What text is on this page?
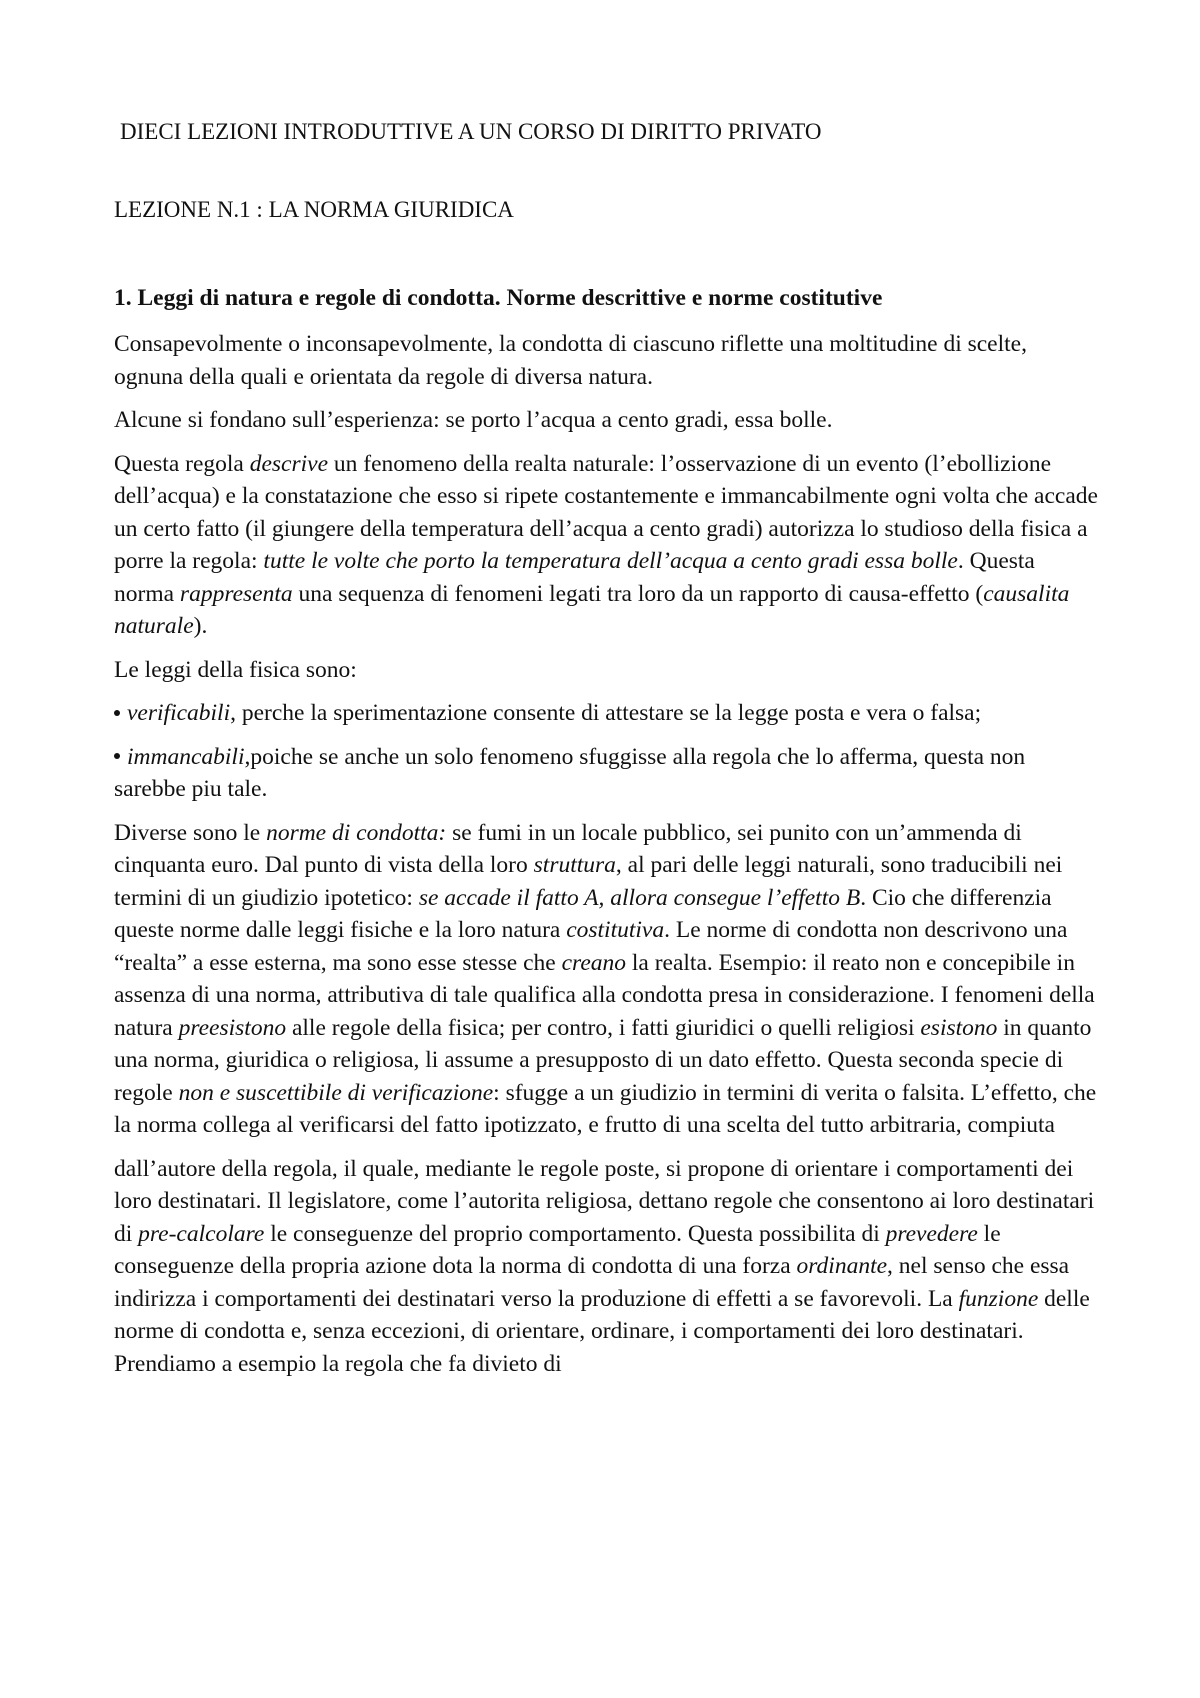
DIECI LEZIONI INTRODUTTIVE A UN CORSO DI DIRITTO PRIVATO
LEZIONE N.1 : LA NORMA GIURIDICA
1. Leggi di natura e regole di condotta. Norme descrittive e norme costitutive

Consapevolmente o inconsapevolmente, la condotta di ciascuno riflette una moltitudine di scelte, ognuna della quali e orientata da regole di diversa natura.

Alcune si fondano sull’esperienza: se porto l’acqua a cento gradi, essa bolle.

Questa regola descrive un fenomeno della realta naturale: l’osservazione di un evento (l’ebollizione dell’acqua) e la constatazione che esso si ripete costantemente e immancabilmente ogni volta che accade un certo fatto (il giungere della temperatura dell’acqua a cento gradi) autorizza lo studioso della fisica a porre la regola: tutte le volte che porto la temperatura dell’acqua a cento gradi essa bolle. Questa norma rappresenta una sequenza di fenomeni legati tra loro da un rapporto di causa-effetto (causalita naturale).

Le leggi della fisica sono:

verificabili, perche la sperimentazione consente di attestare se la legge posta e vera o falsa;

immancabili,poiche se anche un solo fenomeno sfuggisse alla regola che lo afferma, questa non sarebbe piu tale.

Diverse sono le norme di condotta: se fumi in un locale pubblico, sei punito con un’ammenda di cinquanta euro. Dal punto di vista della loro struttura, al pari delle leggi naturali, sono traducibili nei termini di un giudizio ipotetico: se accade il fatto A, allora consegue l’effetto B. Cio che differenzia queste norme dalle leggi fisiche e la loro natura costitutiva. Le norme di condotta non descrivono una “realta” a esse esterna, ma sono esse stesse che creano la realta. Esempio: il reato non e concepibile in assenza di una norma, attributiva di tale qualifica alla condotta presa in considerazione. I fenomeni della natura preesistono alle regole della fisica; per contro, i fatti giuridici o quelli religiosi esistono in quanto una norma, giuridica o religiosa, li assume a presupposto di un dato effetto. Questa seconda specie di regole non e suscettibile di verificazione: sfugge a un giudizio in termini di verita o falsita. L’effetto, che la norma collega al verificarsi del fatto ipotizzato, e frutto di una scelta del tutto arbitraria, compiuta

dall’autore della regola, il quale, mediante le regole poste, si propone di orientare i comportamenti dei loro destinatari. Il legislatore, come l’autorita religiosa, dettano regole che consentono ai loro destinatari di pre-calcolare le conseguenze del proprio comportamento. Questa possibilita di prevedere le conseguenze della propria azione dota la norma di condotta di una forza ordinante, nel senso che essa indirizza i comportamenti dei destinatari verso la produzione di effetti a se favorevoli. La funzione delle norme di condotta e, senza eccezioni, di orientare, ordinare, i comportamenti dei loro destinatari. Prendiamo a esempio la regola che fa divieto di
